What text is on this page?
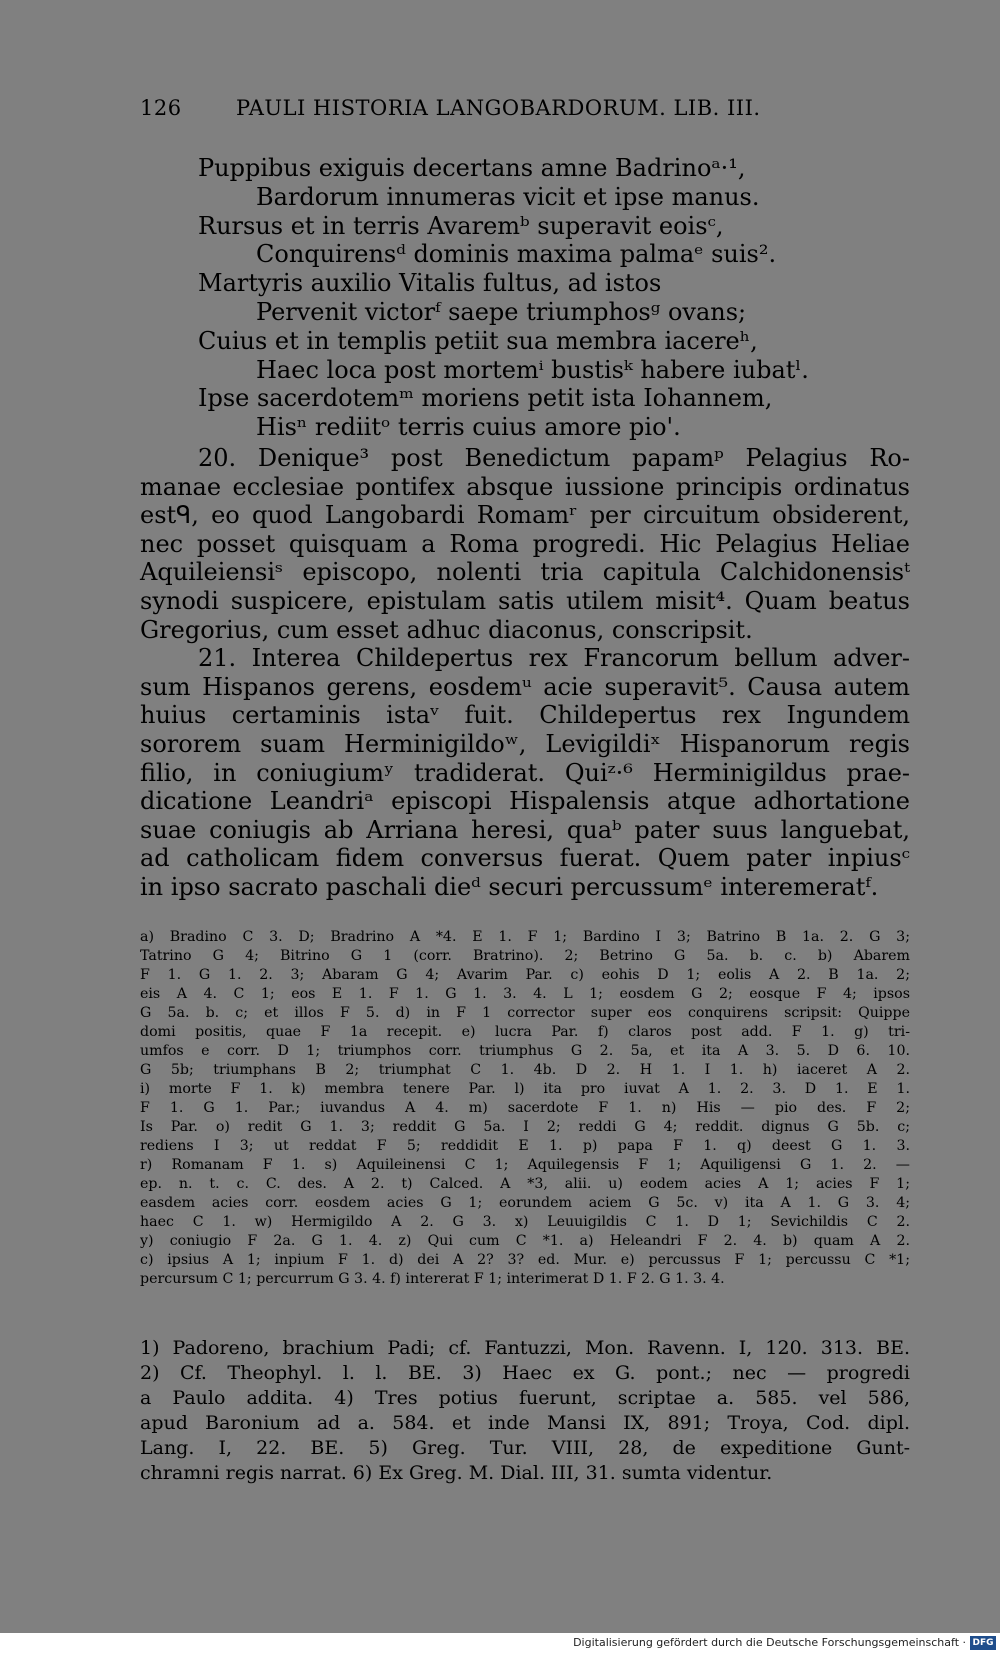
126	PAULI HISTORIA LANGOBARDORUM. LIB. III.
Puppibus exiguis decertans amne Badrinoᵃ·¹,
Bardorum innumeras vicit et ipse manus.
Rursus et in terris Avaremᵇ superavit eoisᶜ,
Conquirensᵈ dominis maxima palmaᵉ suis².
Martyris auxilio Vitalis fultus, ad istos
Pervenit victorᶠ saepe triumphosᵍ ovans;
Cuius et in templis petiit sua membra iacereʰ,
Haec loca post mortemⁱ bustisᵏ habere iubatˡ.
Ipse sacerdotemᵐ moriens petit ista Iohannem,
Hisⁿ rediitᵒ terris cuius amore pio'.
20. Denique³ post Benedictum papamᵖ Pelagius Ro-
manae ecclesiae pontifex absque iussione principis ordinatus
estᑫ, eo quod Langobardi Romamʳ per circuitum obsiderent,
nec posset quisquam a Roma progredi. Hic Pelagius Heliae
Aquileiensiˢ episcopo, nolenti tria capitula Calchidonensisᵗ
synodi suspicere, epistulam satis utilem misit⁴. Quam beatus
Gregorius, cum esset adhuc diaconus, conscripsit.
21. Interea Childepertus rex Francorum bellum adver-
sum Hispanos gerens, eosdemᵘ acie superavit⁵. Causa autem
huius certaminis istaᵛ fuit. Childepertus rex Ingundem
sororem suam Herminigildoʷ, Levigildiˣ Hispanorum regis
filio, in coniugiumʸ tradiderat. Quiᶻ·⁶ Herminigildus prae-
dicatione Leandriᵃ episcopi Hispalensis atque adhortatione
suae coniugis ab Arriana heresi, quaᵇ pater suus languebat,
ad catholicam fidem conversus fuerat. Quem pater inpiusᶜ
in ipso sacrato paschali dieᵈ securi percussumᵉ interemeratᶠ.
a) Bradino C 3. D; Bradrino A *4. E 1. F 1; Bardino I 3; Batrino B 1a. 2. G 3;
Tatrino G 4; Bitrino G 1 (corr. Bratrino). 2; Betrino G 5a. b. c. b) Abarem
F 1. G 1. 2. 3; Abaram G 4; Avarim Par. c) eohis D 1; eolis A 2. B 1a. 2;
eis A 4. C 1; eos E 1. F 1. G 1. 3. 4. L 1; eosdem G 2; eosque F 4; ipsos
G 5a. b. c; et illos F 5. d) in F 1 corrector super eos conquirens scripsit: Quippe
domi positis, quae F 1a recepit. e) lucra Par. f) claros post add. F 1. g) tri-
umfos e corr. D 1; triumphos corr. triumphus G 2. 5a, et ita A 3. 5. D 6. 10.
G 5b; triumphans B 2; triumphat C 1. 4b. D 2. H 1. I 1. h) iaceret A 2.
i) morte F 1. k) membra tenere Par. l) ita pro iuvat A 1. 2. 3. D 1. E 1.
F 1. G 1. Par.; iuvandus A 4. m) sacerdote F 1. n) His — pio des. F 2;
Is Par. o) redit G 1. 3; reddit G 5a. I 2; reddi G 4; reddit. dignus G 5b. c;
rediens I 3; ut reddat F 5; reddidit E 1. p) papa F 1. q) deest G 1. 3.
r) Romanam F 1. s) Aquileinensi C 1; Aquilegensis F 1; Aquiligensi G 1. 2. —
ep. n. t. c. C. des. A 2. t) Calced. A *3, alii. u) eodem acies A 1; acies F 1;
easdem acies corr. eosdem acies G 1; eorundem aciem G 5c. v) ita A 1. G 3. 4;
haec C 1. w) Hermigildo A 2. G 3. x) Leuuigildis C 1. D 1; Sevichildis C 2.
y) coniugio F 2a. G 1. 4. z) Qui cum C *1. a) Heleandri F 2. 4. b) quam A 2.
c) ipsius A 1; inpium F 1. d) dei A 2? 3? ed. Mur. e) percussus F 1; percussu C *1;
percursum C 1; percurrum G 3. 4. f) intererat F 1; interimerat D 1. F 2. G 1. 3. 4.
1) Padoreno, brachium Padi; cf. Fantuzzi, Mon. Ravenn. I, 120. 313. BE.
2) Cf. Theophyl. l. l. BE. 3) Haec ex G. pont.; nec — progredi
a Paulo addita. 4) Tres potius fuerunt, scriptae a. 585. vel 586,
apud Baronium ad a. 584. et inde Mansi IX, 891; Troya, Cod. dipl.
Lang. I, 22. BE. 5) Greg. Tur. VIII, 28, de expeditione Gunt-
chramni regis narrat. 6) Ex Greg. M. Dial. III, 31. sumta videntur.
Digitalisierung gefördert durch die Deutsche Forschungsgemeinschaft · DFG
